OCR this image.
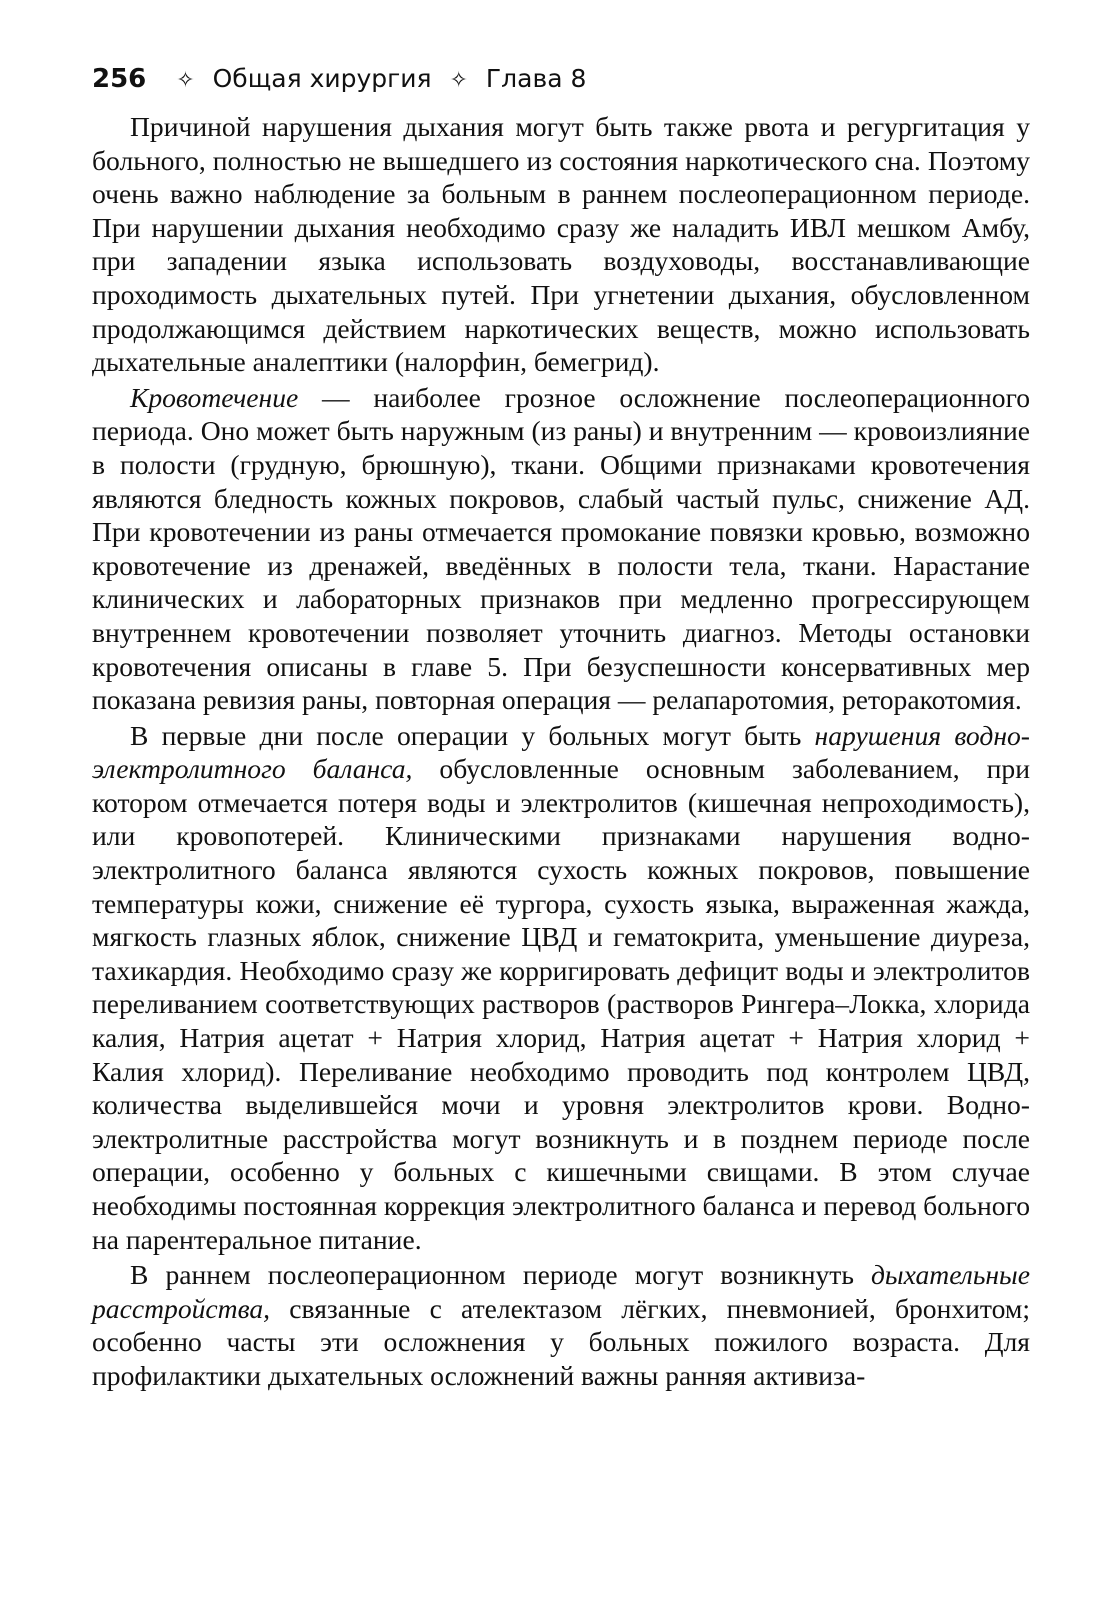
256 ✧ Общая хирургия ✧ Глава 8

Причиной нарушения дыхания могут быть также рвота и регургитация у больного, полностью не вышедшего из состояния наркотического сна. Поэтому очень важно наблюдение за больным в раннем послеоперационном периоде. При нарушении дыхания необходимо сразу же наладить ИВЛ мешком Амбу, при западении языка использовать воздуховоды, восстанавливающие проходимость дыхательных путей. При угнетении дыхания, обусловленном продолжающимся действием наркотических веществ, можно использовать дыхательные аналептики (налорфин, бемегрид).

Кровотечение — наиболее грозное осложнение послеоперационного периода. Оно может быть наружным (из раны) и внутренним — кровоизлияние в полости (грудную, брюшную), ткани. Общими признаками кровотечения являются бледность кожных покровов, слабый частый пульс, снижение АД. При кровотечении из раны отмечается промокание повязки кровью, возможно кровотечение из дренажей, введённых в полости тела, ткани. Нарастание клинических и лабораторных признаков при медленно прогрессирующем внутреннем кровотечении позволяет уточнить диагноз. Методы остановки кровотечения описаны в главе 5. При безуспешности консервативных мер показана ревизия раны, повторная операция — релапаротомия, реторакотомия.

В первые дни после операции у больных могут быть нарушения водно-электролитного баланса, обусловленные основным заболеванием, при котором отмечается потеря воды и электролитов (кишечная непроходимость), или кровопотерей. Клиническими признаками нарушения водно-электролитного баланса являются сухость кожных покровов, повышение температуры кожи, снижение её тургора, сухость языка, выраженная жажда, мягкость глазных яблок, снижение ЦВД и гематокрита, уменьшение диуреза, тахикардия. Необходимо сразу же корригировать дефицит воды и электролитов переливанием соответствующих растворов (растворов Рингера–Локка, хлорида калия, Натрия ацетат + Натрия хлорид, Натрия ацетат + Натрия хлорид + Калия хлорид). Переливание необходимо проводить под контролем ЦВД, количества выделившейся мочи и уровня электролитов крови. Водно-электролитные расстройства могут возникнуть и в позднем периоде после операции, особенно у больных с кишечными свищами. В этом случае необходимы постоянная коррекция электролитного баланса и перевод больного на парентеральное питание.

В раннем послеоперационном периоде могут возникнуть дыхательные расстройства, связанные с ателектазом лёгких, пневмонией, бронхитом; особенно часты эти осложнения у больных пожилого возраста. Для профилактики дыхательных осложнений важны ранняя активиза-
